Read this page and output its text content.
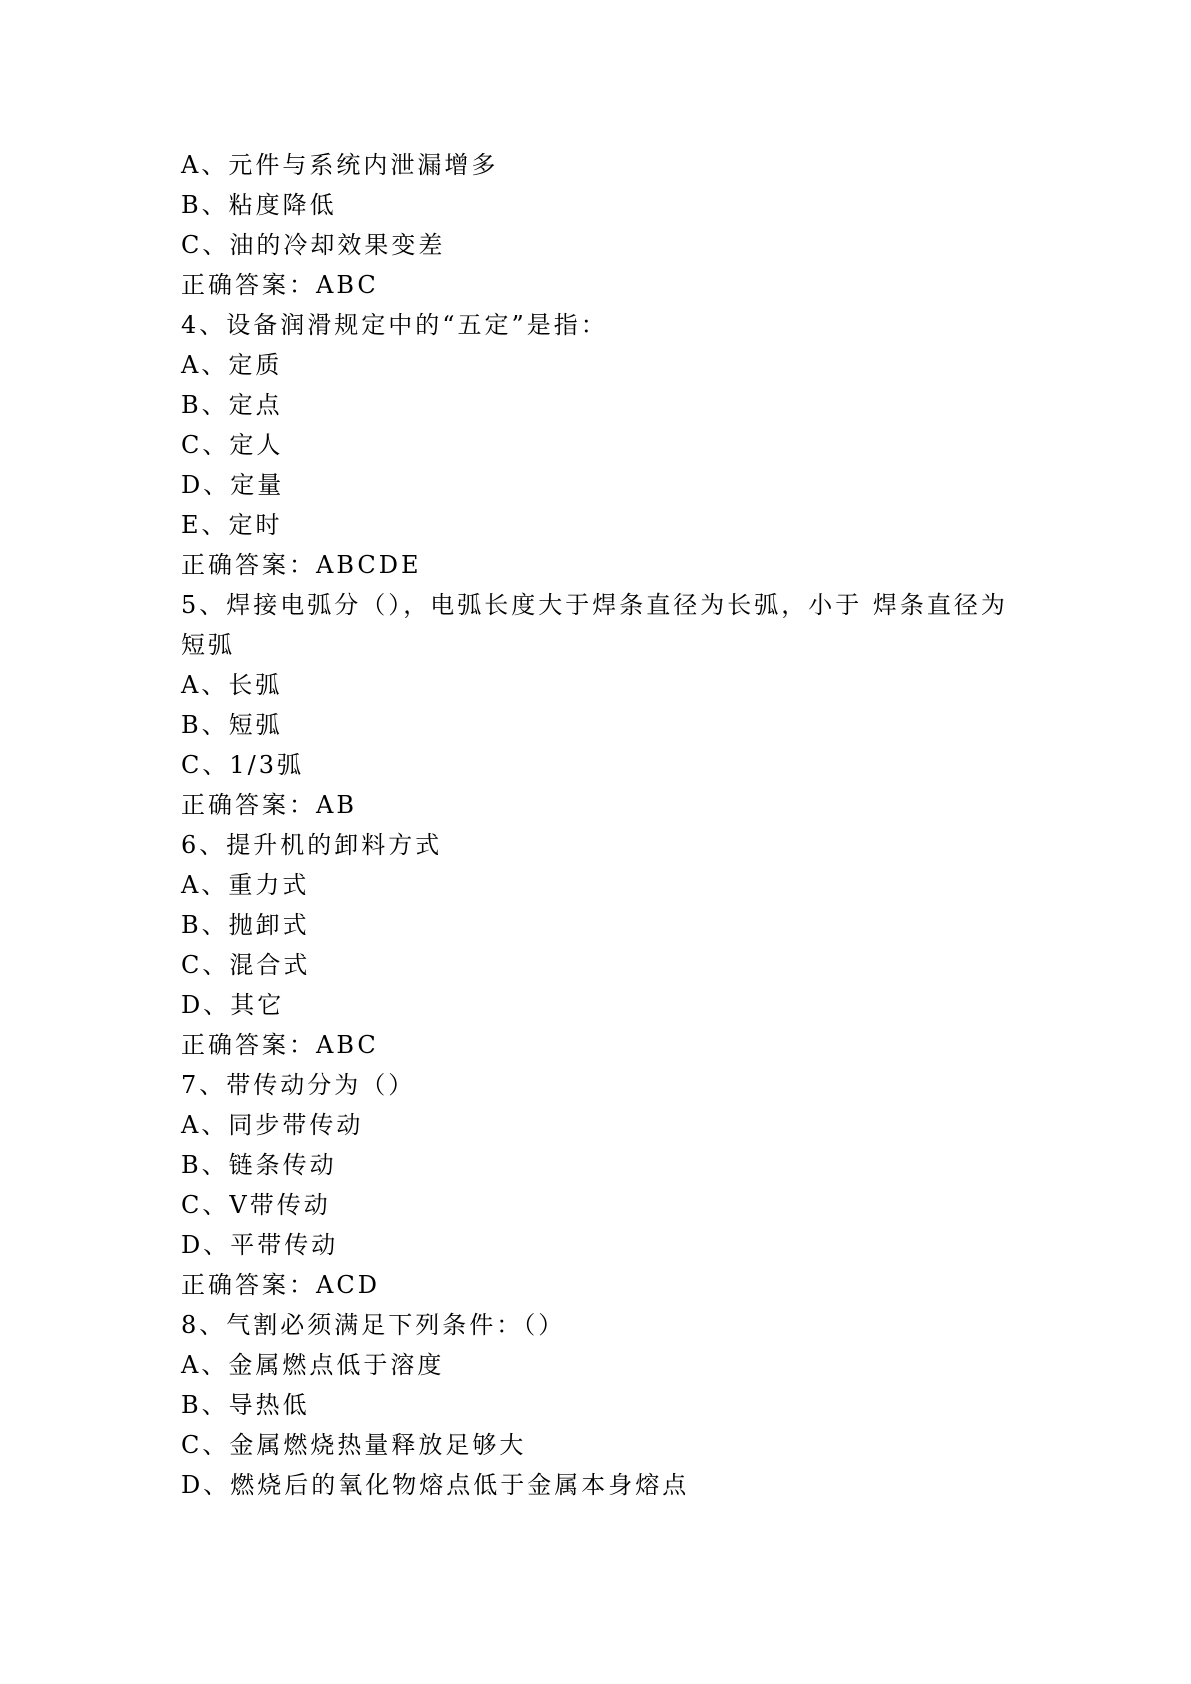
A、元件与系统内泄漏增多
B、粘度降低
C、油的冷却效果变差
正确答案：ABC
4、设备润滑规定中的“五定”是指：
A、定质
B、定点
C、定人
D、定量
E、定时
正确答案：ABCDE
5、焊接电弧分（），电弧长度大于焊条直径为长弧，小于 焊条直径为短弧
A、长弧
B、短弧
C、1/3弧
正确答案：AB
6、提升机的卸料方式
A、重力式
B、抛卸式
C、混合式
D、其它
正确答案：ABC
7、带传动分为（）
A、同步带传动
B、链条传动
C、V带传动
D、平带传动
正确答案：ACD
8、气割必须满足下列条件：（）
A、金属燃点低于溶度
B、导热低
C、金属燃烧热量释放足够大
D、燃烧后的氧化物熔点低于金属本身熔点
